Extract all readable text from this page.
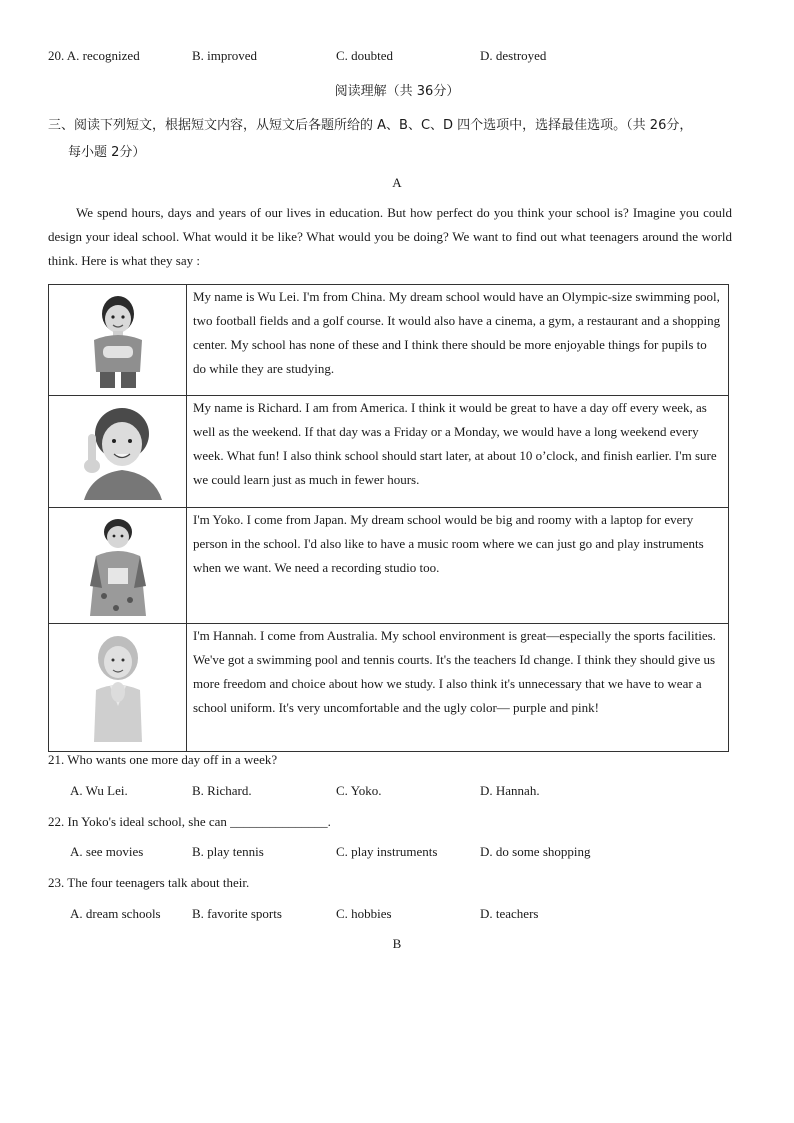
20. A. recognized	B. improved	C. doubted	D. destroyed
阅读理解（共 36分）
三、阅读下列短文，根据短文内容，从短文后各题所给的 A、B、C、D 四个选项中，选择最佳选项。（共 26分，
每小题 2分）
A

We spend hours, days and years of our lives in education. But how perfect do you think your school is? Imagine you could design your ideal school. What would it be like? What would you be doing? We want to find out what teenagers around the world think. Here is what they say :

	My name is Wu Lei. I'm from China. My dream school would have an Olympic-size swimming pool, two football fields and a golf course. It would also have a cinema, a gym, a restaurant and a shopping center. My school has none of these and I think there should be more enjoyable things for pupils to do while they are studying.

	My name is Richard. I am from America. I think it would be great to have a day off every week, as well as the weekend. If that day was a Friday or a Monday, we would have a long weekend every week. What fun! I also think school should start later, at about 10 o’clock, and finish earlier. I'm sure we could learn just as much in fewer hours.

	I'm Yoko. I come from Japan. My dream school would be big and roomy with a laptop for every person in the school. I'd also like to have a music room where we can just go and play instruments when we want. We need a recording studio too.

	I'm Hannah. I come from Australia. My school environment is great—especially the sports facilities. We've got a swimming pool and tennis courts. It's the teachers Id change. I think they should give us more freedom and choice about how we study. I also think it's unnecessary that we have to wear a school uniform. It's very uncomfortable and the ugly color— purple and pink!
21. Who wants one more day off in a week?
A. Wu Lei.	B. Richard.	C. Yoko.	D. Hannah.
22. In Yoko's ideal school, she can _______________.
A. see movies	B. play tennis	C. play instruments	D. do some shopping
23. The four teenagers talk about their.
A. dream schools B. favorite sports	C. hobbies	D. teachers
B
